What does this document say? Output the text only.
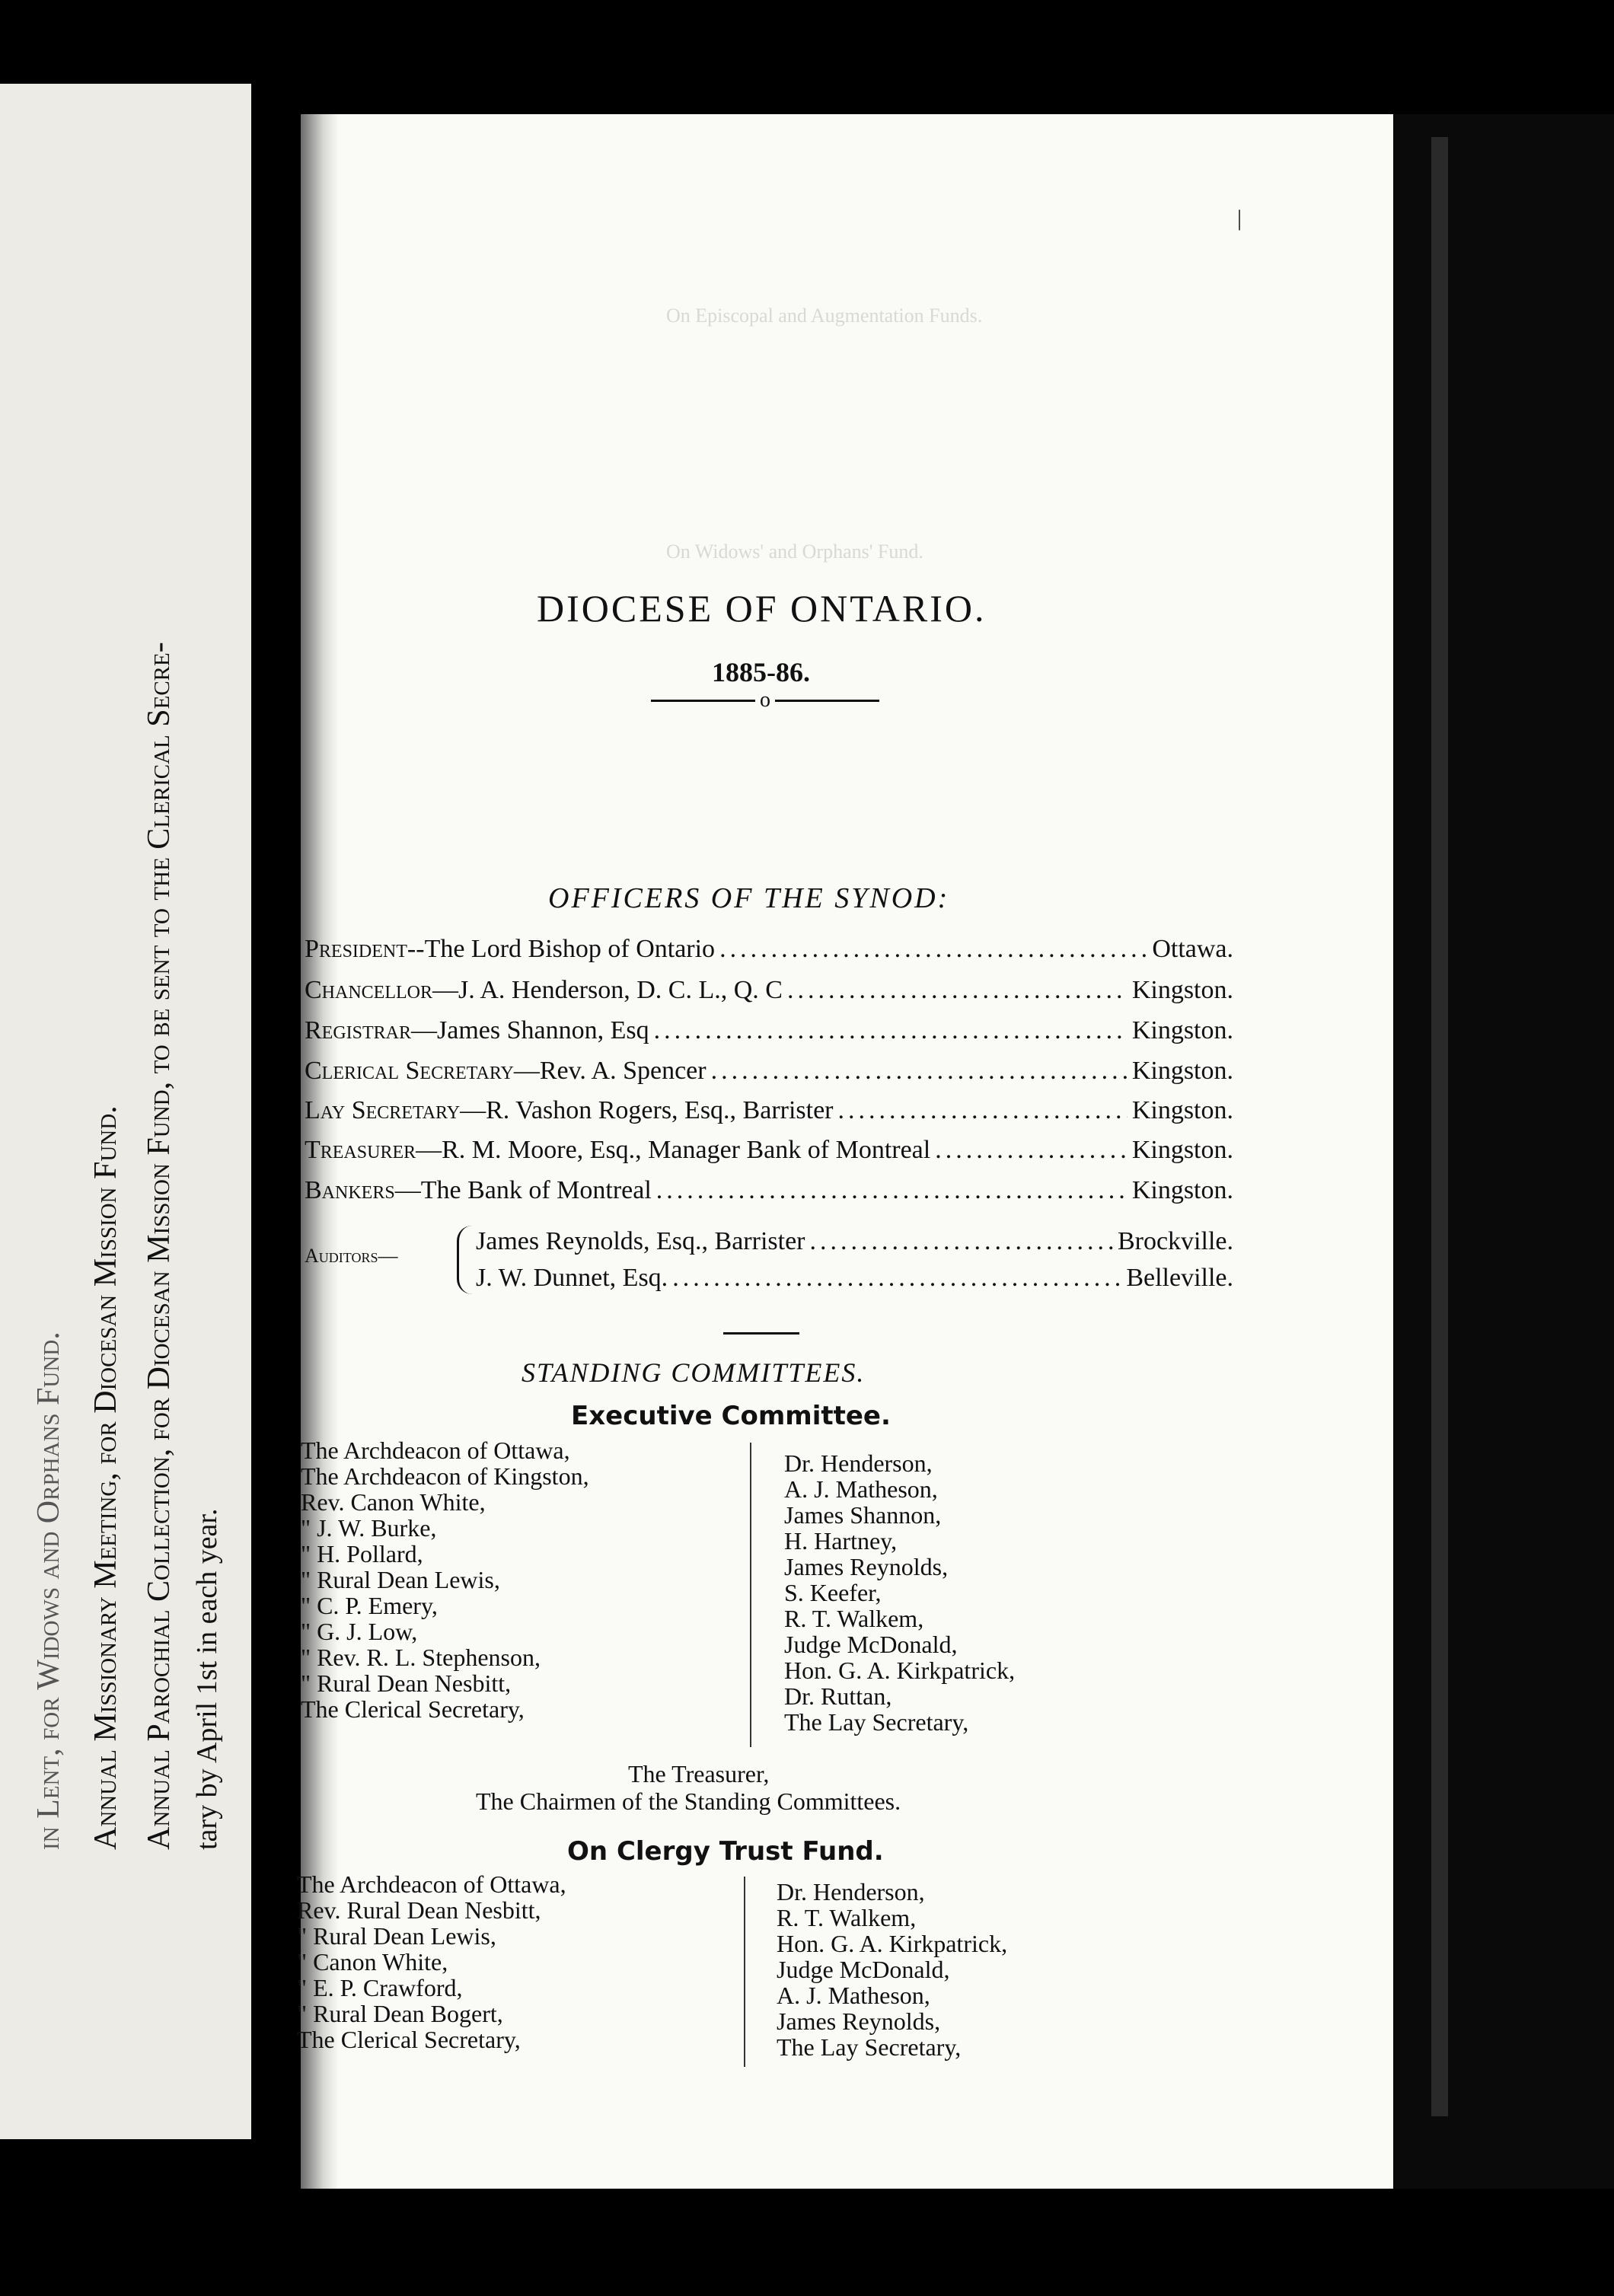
Annual Parochial Collection, for Diocesan Mission Fund, to be sent to the Clerical Secre- tary by April 1st in each year.
Annual Missionary Meeting, for Diocesan Mission Fund.
in Lent, for Widows and Orphans Fund.
|
On Episcopal and Augmentation Funds.
On Widows' and Orphans' Fund.
DIOCESE OF ONTARIO.
1885-86.
o
OFFICERS OF THE SYNOD:
President -- The Lord Bishop of Ontario .....	Ottawa.
Chancellor — J. A. Henderson, D. C. L., Q. C .....	Kingston.
Registrar — James Shannon, Esq .....	Kingston.
Clerical Secretary — Rev. A. Spencer .....	Kingston.
Lay Secretary — R. Vashon Rogers, Esq., Barrister .....	Kingston.
Treasurer — R. M. Moore, Esq., Manager Bank of Montreal .....	Kingston.
Bankers — The Bank of Montreal .....	Kingston.
Auditors—
James Reynolds, Esq., Barrister .....	Brockville.
J. W. Dunnet, Esq. .....	Belleville.
STANDING COMMITTEES.
Executive Committee.
The Archdeacon of Ottawa,
The Archdeacon of Kingston,
Rev. Canon White,
" J. W. Burke,
" H. Pollard,
" Rural Dean Lewis,
" C. P. Emery,
" G. J. Low,
" Rev. R. L. Stephenson,
" Rural Dean Nesbitt,
The Clerical Secretary,
Dr. Henderson,
A. J. Matheson,
James Shannon,
H. Hartney,
James Reynolds,
S. Keefer,
R. T. Walkem,
Judge McDonald,
Hon. G. A. Kirkpatrick,
Dr. Ruttan,
The Lay Secretary,
The Treasurer,
The Chairmen of the Standing Committees.
On Clergy Trust Fund.
The Archdeacon of Ottawa,
Rev. Rural Dean Nesbitt,
" Rural Dean Lewis,
" Canon White,
" E. P. Crawford,
" Rural Dean Bogert,
The Clerical Secretary,
Dr. Henderson,
R. T. Walkem,
Hon. G. A. Kirkpatrick,
Judge McDonald,
A. J. Matheson,
James Reynolds,
The Lay Secretary,
